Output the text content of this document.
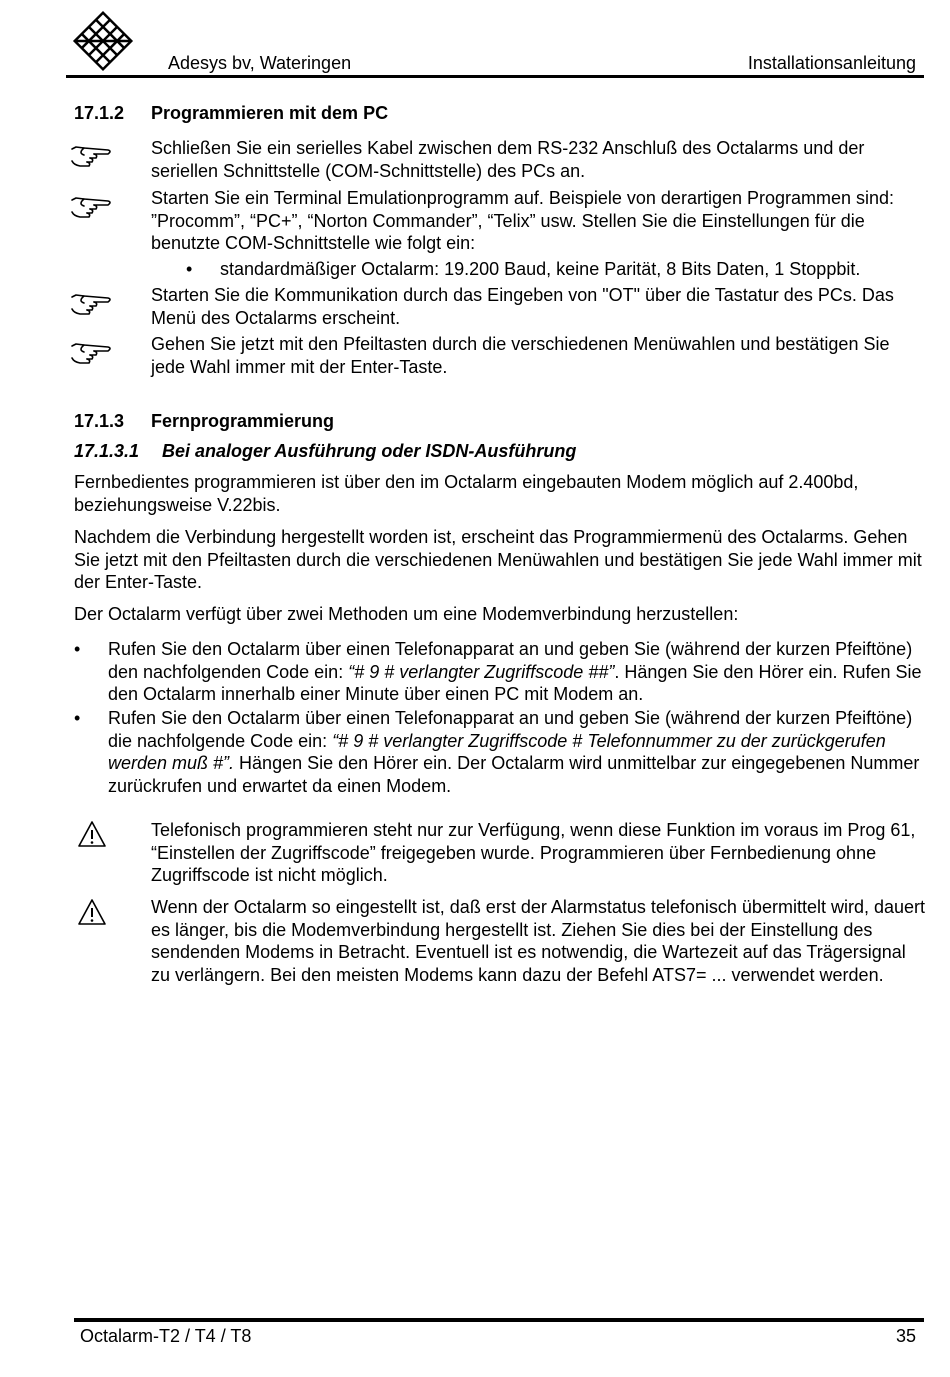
Adesys bv, Wateringen	Installationsanleitung
17.1.2 Programmieren mit dem PC
Schließen Sie ein serielles Kabel zwischen dem RS-232 Anschluß des Octalarms und der seriellen Schnittstelle (COM-Schnittstelle) des PCs an.
Starten Sie ein Terminal Emulationprogramm auf. Beispiele von derartigen Programmen sind: ”Procomm”, “PC+”, “Norton Commander”, “Telix” usw. Stellen Sie die Einstellungen für die benutzte COM-Schnittstelle wie folgt ein:
• standardmäßiger Octalarm: 19.200 Baud, keine Parität, 8 Bits Daten, 1 Stoppbit.
Starten Sie die Kommunikation durch das Eingeben von "OT" über die Tastatur des PCs. Das Menü des Octalarms erscheint.
Gehen Sie jetzt mit den Pfeiltasten durch die verschiedenen Menüwahlen und bestätigen Sie jede Wahl immer mit der Enter-Taste.
17.1.3 Fernprogrammierung
17.1.3.1 Bei analoger Ausführung oder ISDN-Ausführung
Fernbedientes programmieren ist über den im Octalarm eingebauten Modem möglich auf 2.400bd, beziehungsweise V.22bis.
Nachdem die Verbindung hergestellt worden ist, erscheint das Programmiermenü des Octalarms. Gehen Sie jetzt mit den Pfeiltasten durch die verschiedenen Menüwahlen und bestätigen Sie jede Wahl immer mit der Enter-Taste.
Der Octalarm verfügt über zwei Methoden um eine Modemverbindung herzustellen:
• Rufen Sie den Octalarm über einen Telefonapparat an und geben Sie (während der kurzen Pfeiftöne) den nachfolgenden Code ein: “# 9 # verlangter Zugriffscode ##”. Hängen Sie den Hörer ein. Rufen Sie den Octalarm innerhalb einer Minute über einen PC mit Modem an.
• Rufen Sie den Octalarm über einen Telefonapparat an und geben Sie (während der kurzen Pfeiftöne) die nachfolgende Code ein: “# 9 # verlangter Zugriffscode # Telefonnummer zu der zurückgerufen werden muß #”. Hängen Sie den Hörer ein. Der Octalarm wird unmittelbar zur eingegebenen Nummer zurückrufen und erwartet da einen Modem.
Telefonisch programmieren steht nur zur Verfügung, wenn diese Funktion im voraus im Prog 61, “Einstellen der Zugriffscode” freigegeben wurde. Programmieren über Fernbedienung ohne Zugriffscode ist nicht möglich.
Wenn der Octalarm so eingestellt ist, daß erst der Alarmstatus telefonisch übermittelt wird, dauert es länger, bis die Modemverbindung hergestellt ist. Ziehen Sie dies bei der Einstellung des sendenden Modems in Betracht. Eventuell ist es notwendig, die Wartezeit auf das Trägersignal zu verlängern. Bei den meisten Modems kann dazu der Befehl ATS7= ... verwendet werden.
Octalarm-T2 / T4 / T8	35
